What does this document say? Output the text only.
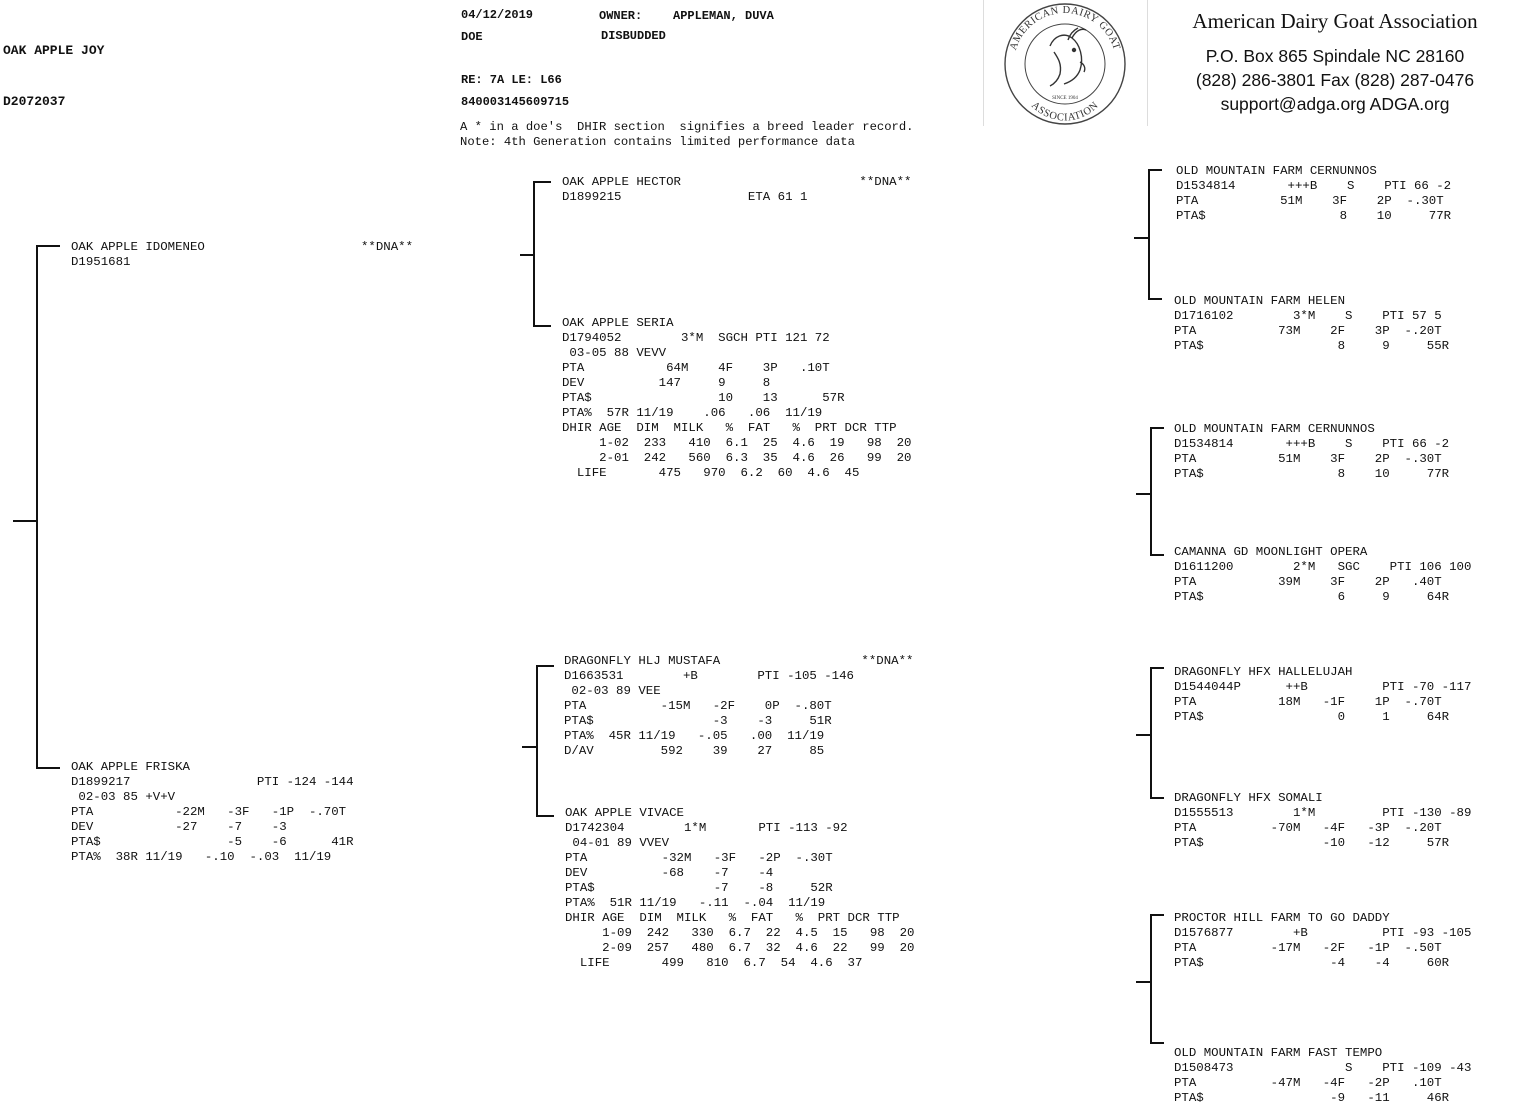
OAK APPLE JOY

D2072037

04/12/2019	OWNER:	APPLEMAN, DUVA
DOE	DISBUDDED
RE: 7A LE: L66
840003145609715
A * in a doe's  DHIR section  signifies a breed leader record.
Note: 4th Generation contains limited performance data
AMERICAN DAIRY GOAT
ASSOCIATION
SINCE 1904
American Dairy Goat Association
P.O. Box 865 Spindale NC 28160
(828) 286-3801 Fax (828) 287-0476
support@adga.org ADGA.org
OAK APPLE IDOMENEO                     **DNA**
D1951681
OAK APPLE FRISKA
D1899217                 PTI -124 -144
02-03 85 +V+V
PTA           -22M   -3F   -1P  -.70T
DEV           -27    -7    -3
PTA$                 -5    -6      41R
PTA%  38R 11/19   -.10  -.03  11/19
OAK APPLE HECTOR                        **DNA**
D1899215                 ETA 61 1
OAK APPLE SERIA
D1794052        3*M  SGCH PTI 121 72
03-05 88 VEVV
PTA           64M    4F    3P   .10T
DEV          147     9     8
PTA$                 10    13      57R
PTA%  57R 11/19    .06   .06  11/19
DHIR AGE  DIM  MILK   %  FAT   %  PRT DCR TTP
1-02  233   410  6.1  25  4.6  19   98  20
2-01  242   560  6.3  35  4.6  26   99  20
LIFE       475   970  6.2  60  4.6  45
DRAGONFLY HLJ MUSTAFA                   **DNA**
D1663531        +B        PTI -105 -146
02-03 89 VEE
PTA          -15M   -2F    0P  -.80T
PTA$                -3    -3     51R
PTA%  45R 11/19   -.05   .00  11/19
D/AV         592    39    27     85
OAK APPLE VIVACE
D1742304        1*M       PTI -113 -92
04-01 89 VVEV
PTA          -32M   -3F   -2P  -.30T
DEV          -68    -7    -4
PTA$                -7    -8     52R
PTA%  51R 11/19   -.11  -.04  11/19
DHIR AGE  DIM  MILK   %  FAT   %  PRT DCR TTP
1-09  242   330  6.7  22  4.5  15   98  20
2-09  257   480  6.7  32  4.6  22   99  20
LIFE       499   810  6.7  54  4.6  37
OLD MOUNTAIN FARM CERNUNNOS
D1534814       +++B    S    PTI 66 -2
PTA           51M    3F    2P  -.30T
PTA$                  8    10     77R
OLD MOUNTAIN FARM HELEN
D1716102        3*M    S    PTI 57 5
PTA           73M    2F    3P  -.20T
PTA$                  8     9     55R
OLD MOUNTAIN FARM CERNUNNOS
D1534814       +++B    S    PTI 66 -2
PTA           51M    3F    2P  -.30T
PTA$                  8    10     77R
CAMANNA GD MOONLIGHT OPERA
D1611200        2*M   SGC    PTI 106 100
PTA           39M    3F    2P   .40T
PTA$                  6     9     64R
DRAGONFLY HFX HALLELUJAH
D1544044P      ++B          PTI -70 -117
PTA           18M   -1F    1P  -.70T
PTA$                  0     1     64R
DRAGONFLY HFX SOMALI
D1555513        1*M         PTI -130 -89
PTA          -70M   -4F   -3P  -.20T
PTA$                -10   -12     57R
PROCTOR HILL FARM TO GO DADDY
D1576877        +B          PTI -93 -105
PTA          -17M   -2F   -1P  -.50T
PTA$                 -4    -4     60R
OLD MOUNTAIN FARM FAST TEMPO
D1508473               S    PTI -109 -43
PTA          -47M   -4F   -2P   .10T
PTA$                 -9   -11     46R
